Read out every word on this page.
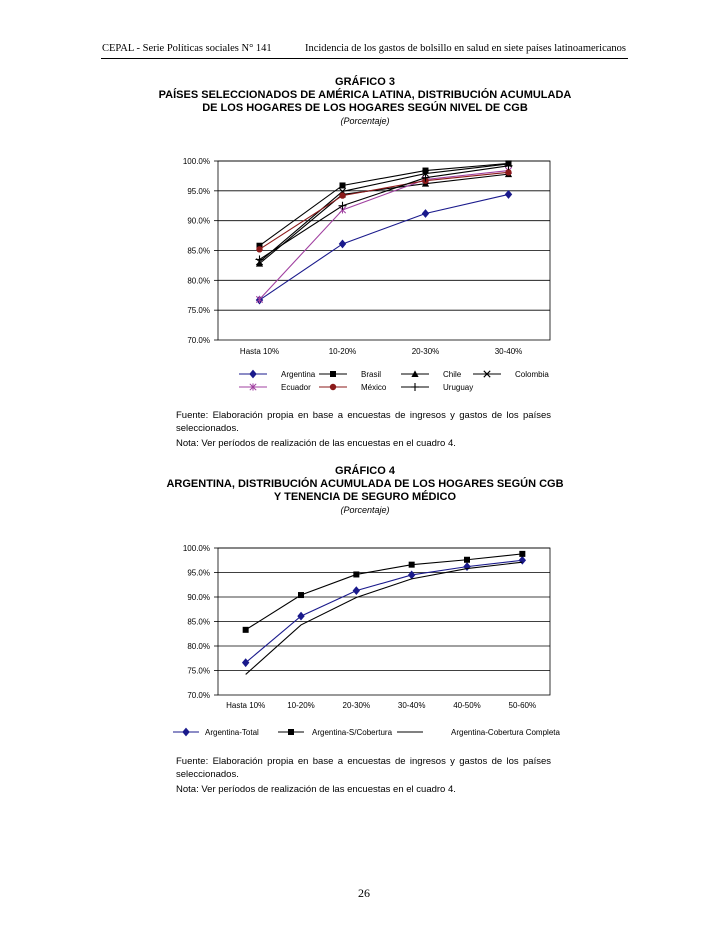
CEPAL - Serie Políticas sociales N° 141	Incidencia de los gastos de bolsillo en salud en siete países latinoamericanos
GRÁFICO 3
PAÍSES SELECCIONADOS DE AMÉRICA LATINA, DISTRIBUCIÓN ACUMULADA
DE LOS HOGARES DE LOS HOGARES SEGÚN NIVEL DE CGB
(Porcentaje)
100.0%
95.0%
90.0%
85.0%
80.0%
75.0%
70.0%
Hasta 10%	10-20%	20-30%	30-40%
Argentina	Brasil	Chile	Colombia
Ecuador	México	Uruguay
Fuente: Elaboración propia en base a encuestas de ingresos y gastos de los países seleccionados.
Nota: Ver períodos de realización de las encuestas en el cuadro 4.
GRÁFICO 4
ARGENTINA, DISTRIBUCIÓN ACUMULADA DE LOS HOGARES SEGÚN CGB
Y TENENCIA DE SEGURO MÉDICO
(Porcentaje)
100.0%
95.0%
90.0%
85.0%
80.0%
75.0%
70.0%
Hasta 10%	10-20%	20-30%	30-40%	40-50%	50-60%
Argentina-Total	Argentina-S/Cobertura	Argentina-Cobertura Completa
Fuente: Elaboración propia en base a encuestas de ingresos y gastos de los países seleccionados.
Nota: Ver períodos de realización de las encuestas en el cuadro 4.
26
